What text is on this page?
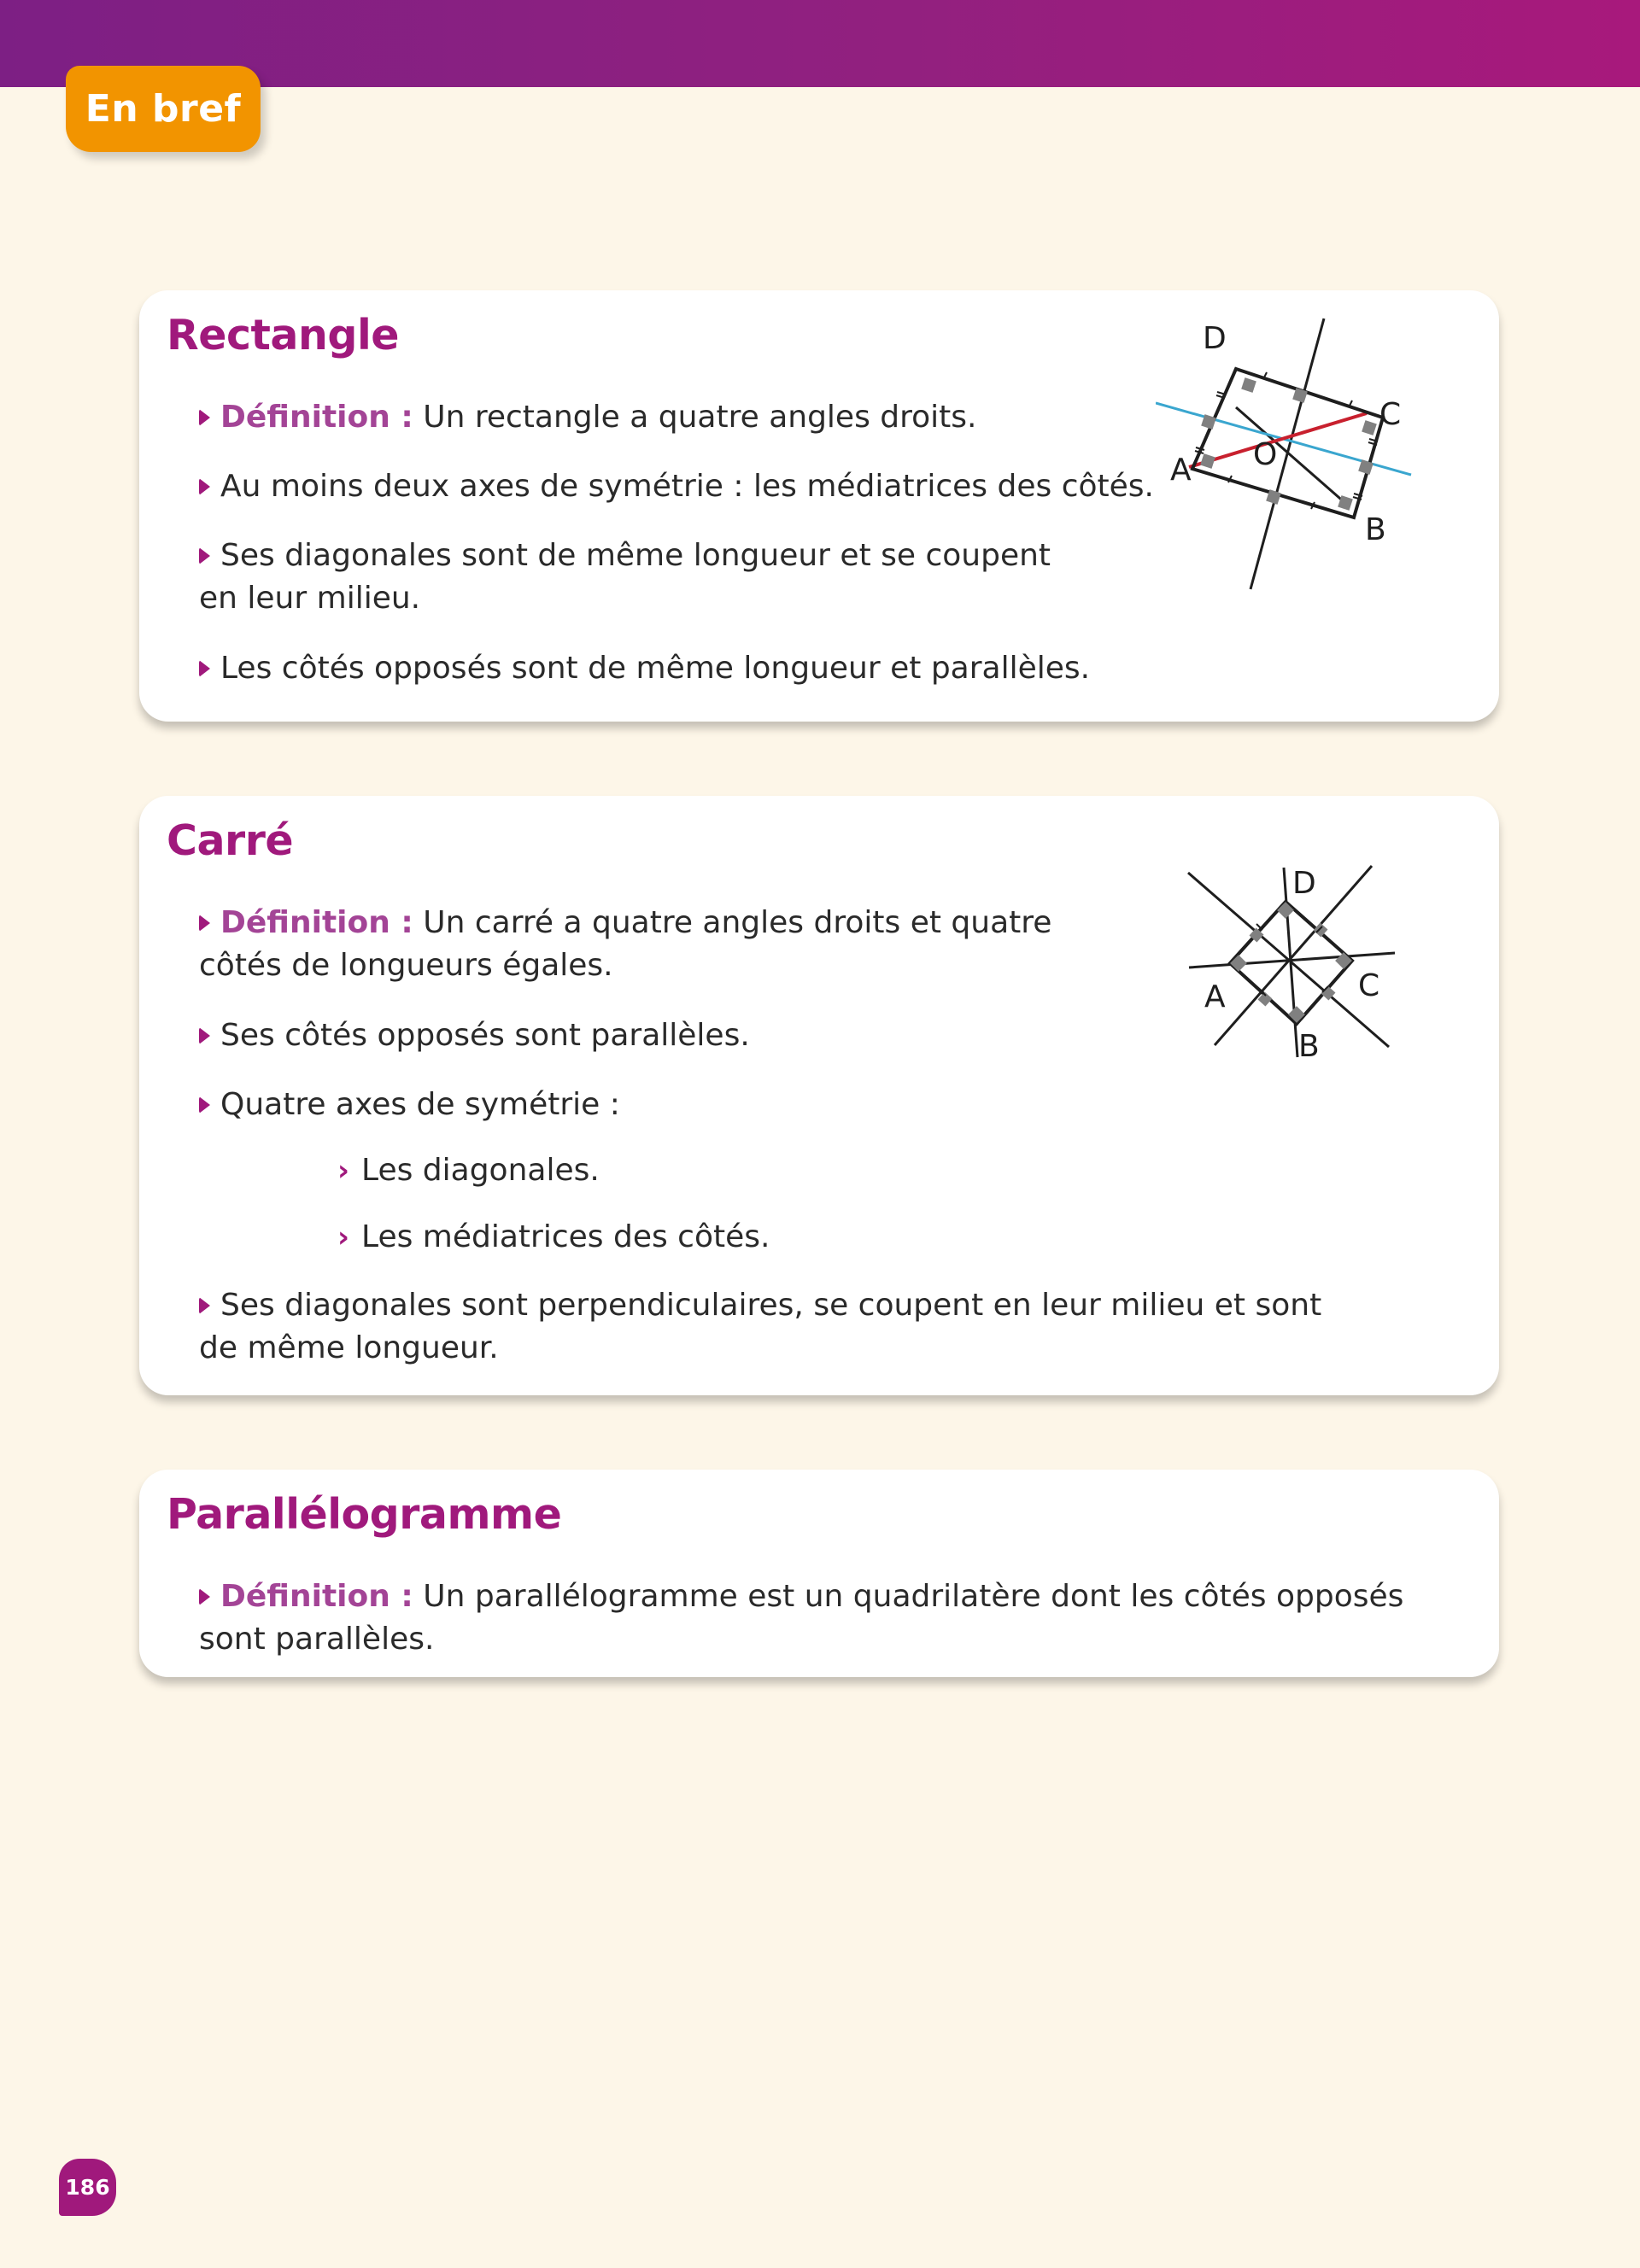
En bref
Rectangle

Définition : Un rectangle a quatre angles droits.

Au moins deux axes de symétrie : les médiatrices des côtés.

Ses diagonales sont de même longueur et se coupent en leur milieu.

Les côtés opposés sont de même longueur et parallèles.

D
C
A
B
O
Carré

Définition : Un carré a quatre angles droits et quatre côtés de longueurs égales.

Ses côtés opposés sont parallèles.

Quatre axes de symétrie :

› Les diagonales.

› Les médiatrices des côtés.

Ses diagonales sont perpendiculaires, se coupent en leur milieu et sont de même longueur.

D
C
A
B
Parallélogramme

Définition : Un parallélogramme est un quadrilatère dont les côtés opposés sont parallèles.

186
